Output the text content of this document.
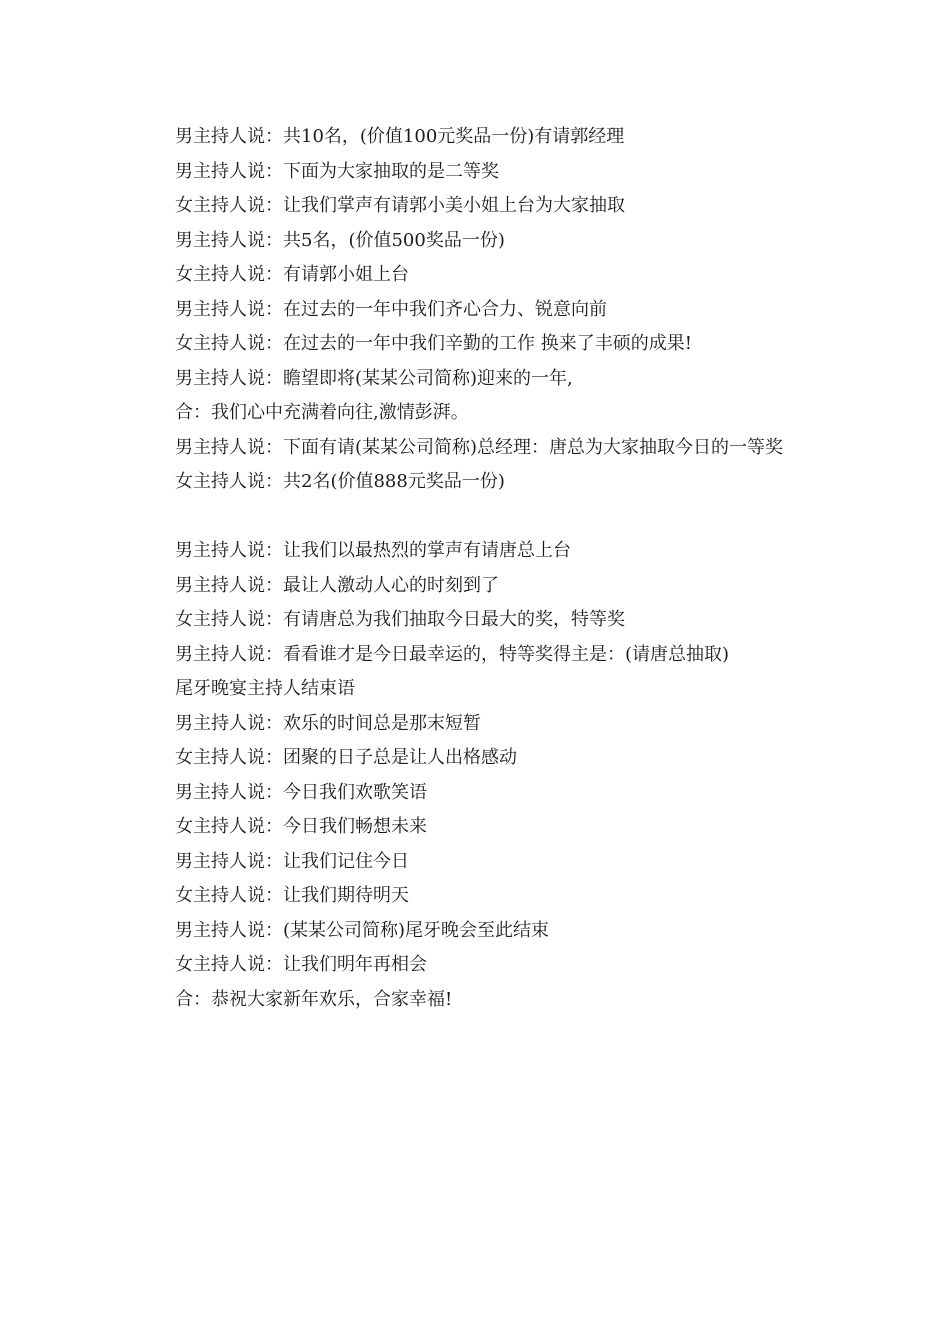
男主持人说：共10名，(价值100元奖品一份)有请郭经理

男主持人说：下面为大家抽取的是二等奖

女主持人说：让我们掌声有请郭小美小姐上台为大家抽取

男主持人说：共5名，(价值500奖品一份)

女主持人说：有请郭小姐上台

男主持人说：在过去的一年中我们齐心合力、锐意向前

女主持人说：在过去的一年中我们辛勤的工作 换来了丰硕的成果!

男主持人说：瞻望即将(某某公司简称)迎来的一年,

合：我们心中充满着向往,激情彭湃。

男主持人说：下面有请(某某公司简称)总经理：唐总为大家抽取今日的一等奖

女主持人说：共2名(价值888元奖品一份)

男主持人说：让我们以最热烈的掌声有请唐总上台

男主持人说：最让人激动人心的时刻到了

女主持人说：有请唐总为我们抽取今日最大的奖，特等奖

男主持人说：看看谁才是今日最幸运的，特等奖得主是：(请唐总抽取)

尾牙晚宴主持人结束语

男主持人说：欢乐的时间总是那末短暂

女主持人说：团聚的日子总是让人出格感动

男主持人说：今日我们欢歌笑语

女主持人说：今日我们畅想未来

男主持人说：让我们记住今日

女主持人说：让我们期待明天

男主持人说：(某某公司简称)尾牙晚会至此结束

女主持人说：让我们明年再相会

合：恭祝大家新年欢乐，合家幸福!
